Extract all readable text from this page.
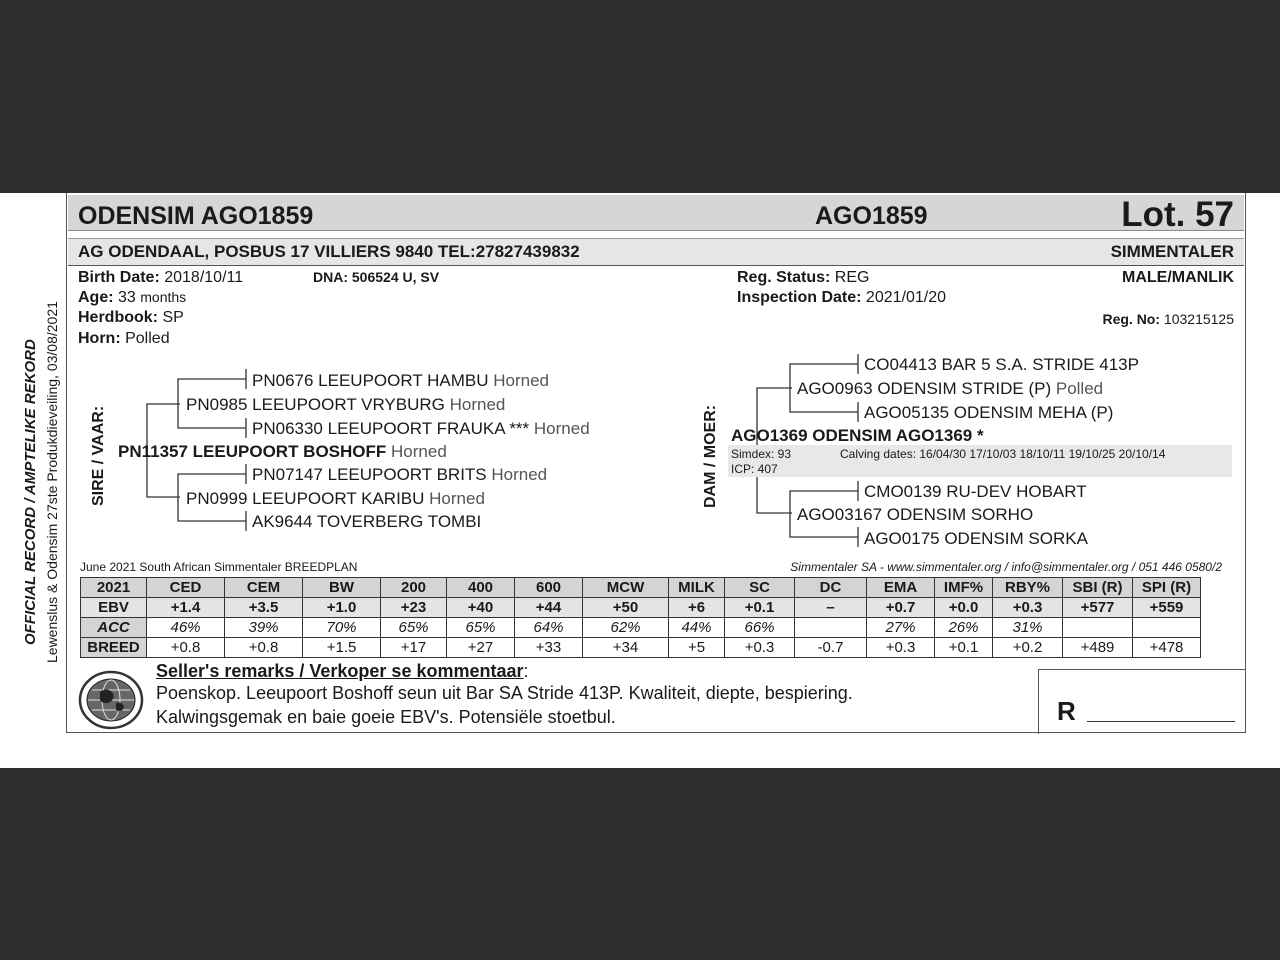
ODENSIM AGO1859	AGO1859	Lot. 57
AG ODENDAAL, POSBUS 17 VILLIERS 9840 TEL:27827439832	SIMMENTALER
OFFICIAL RECORD / AMPTELIKE REKORD Lewenslus & Odensim 27ste Produkdieveiling, 03/08/2021
Birth Date: 2018/10/11	DNA: 506524 U, SV
Age: 33 months
Herdbook: SP
Horn: Polled
Reg. Status: REG
Inspection Date: 2021/01/20
MALE/MANLIK
Reg. No: 103215125
SIRE / VAAR:
PN0676 LEEUPOORT HAMBU Horned
PN0985 LEEUPOORT VRYBURG Horned
PN06330 LEEUPOORT FRAUKA *** Horned
PN11357 LEEUPOORT BOSHOFF Horned
PN07147 LEEUPOORT BRITS Horned
PN0999 LEEUPOORT KARIBU Horned
AK9644 TOVERBERG TOMBI
DAM / MOER:
CO04413 BAR 5 S.A. STRIDE 413P
AGO0963 ODENSIM STRIDE (P) Polled
AGO05135 ODENSIM MEHA (P)
AGO1369 ODENSIM AGO1369 *
Simdex: 93	Calving dates: 16/04/30 17/10/03 18/10/11 19/10/25 20/10/14
ICP: 407
CMO0139 RU-DEV HOBART
AGO03167 ODENSIM SORHO
AGO0175 ODENSIM SORKA
June 2021 South African Simmentaler BREEDPLAN	Simmentaler SA - www.simmentaler.org / info@simmentaler.org / 051 446 0580/2
2021	CED	CEM	BW	200	400	600	MCW	MILK	SC	DC	EMA	IMF%	RBY%	SBI (R)	SPI (R)
EBV	+1.4	+3.5	+1.0	+23	+40	+44	+50	+6	+0.1	–	+0.7	+0.0	+0.3	+577	+559
ACC	46%	39%	70%	65%	65%	64%	62%	44%	66%		27%	26%	31%		
BREED	+0.8	+0.8	+1.5	+17	+27	+33	+34	+5	+0.3	-0.7	+0.3	+0.1	+0.2	+489	+478
Seller's remarks / Verkoper se kommentaar:
Poenskop. Leeupoort Boshoff seun uit Bar SA Stride 413P. Kwaliteit, diepte, bespiering.
Kalwingsgemak en baie goeie EBV's. Potensiële stoetbul.	R
